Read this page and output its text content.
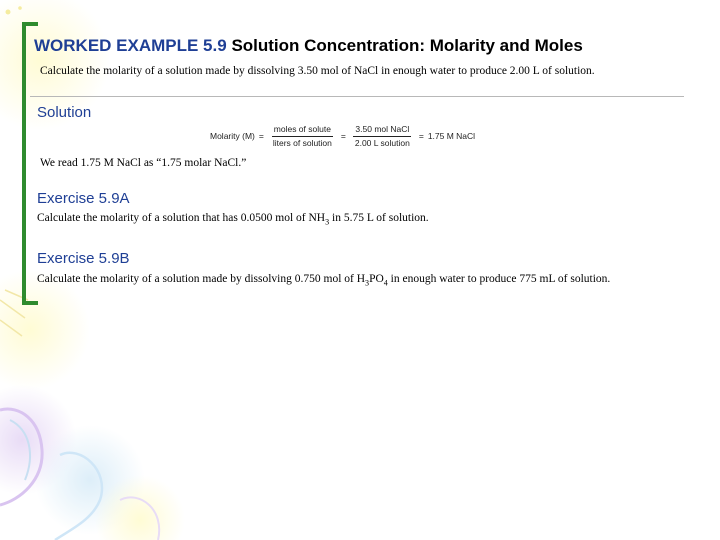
WORKED EXAMPLE 5.9 Solution Concentration: Molarity and Moles
Calculate the molarity of a solution made by dissolving 3.50 mol of NaCl in enough water to produce 2.00 L of solution.
Solution
Molarity $(M) = \frac{\text{moles of solute}}{\text{liters of solution}} = \frac{\text{3.50 mol NaCl}}{\text{2.00 L solution}} = 1.75$ M NaCl
We read 1.75 M NaCl as “1.75 molar NaCl.”
Exercise 5.9A
Calculate the molarity of a solution that has 0.0500 mol of $NH_3$ in 5.75 L of solution.
Exercise 5.9B
Calculate the molarity of a solution made by dissolving 0.750 mol of $H_3PO_4$ in enough water to produce 775 mL of solution.
